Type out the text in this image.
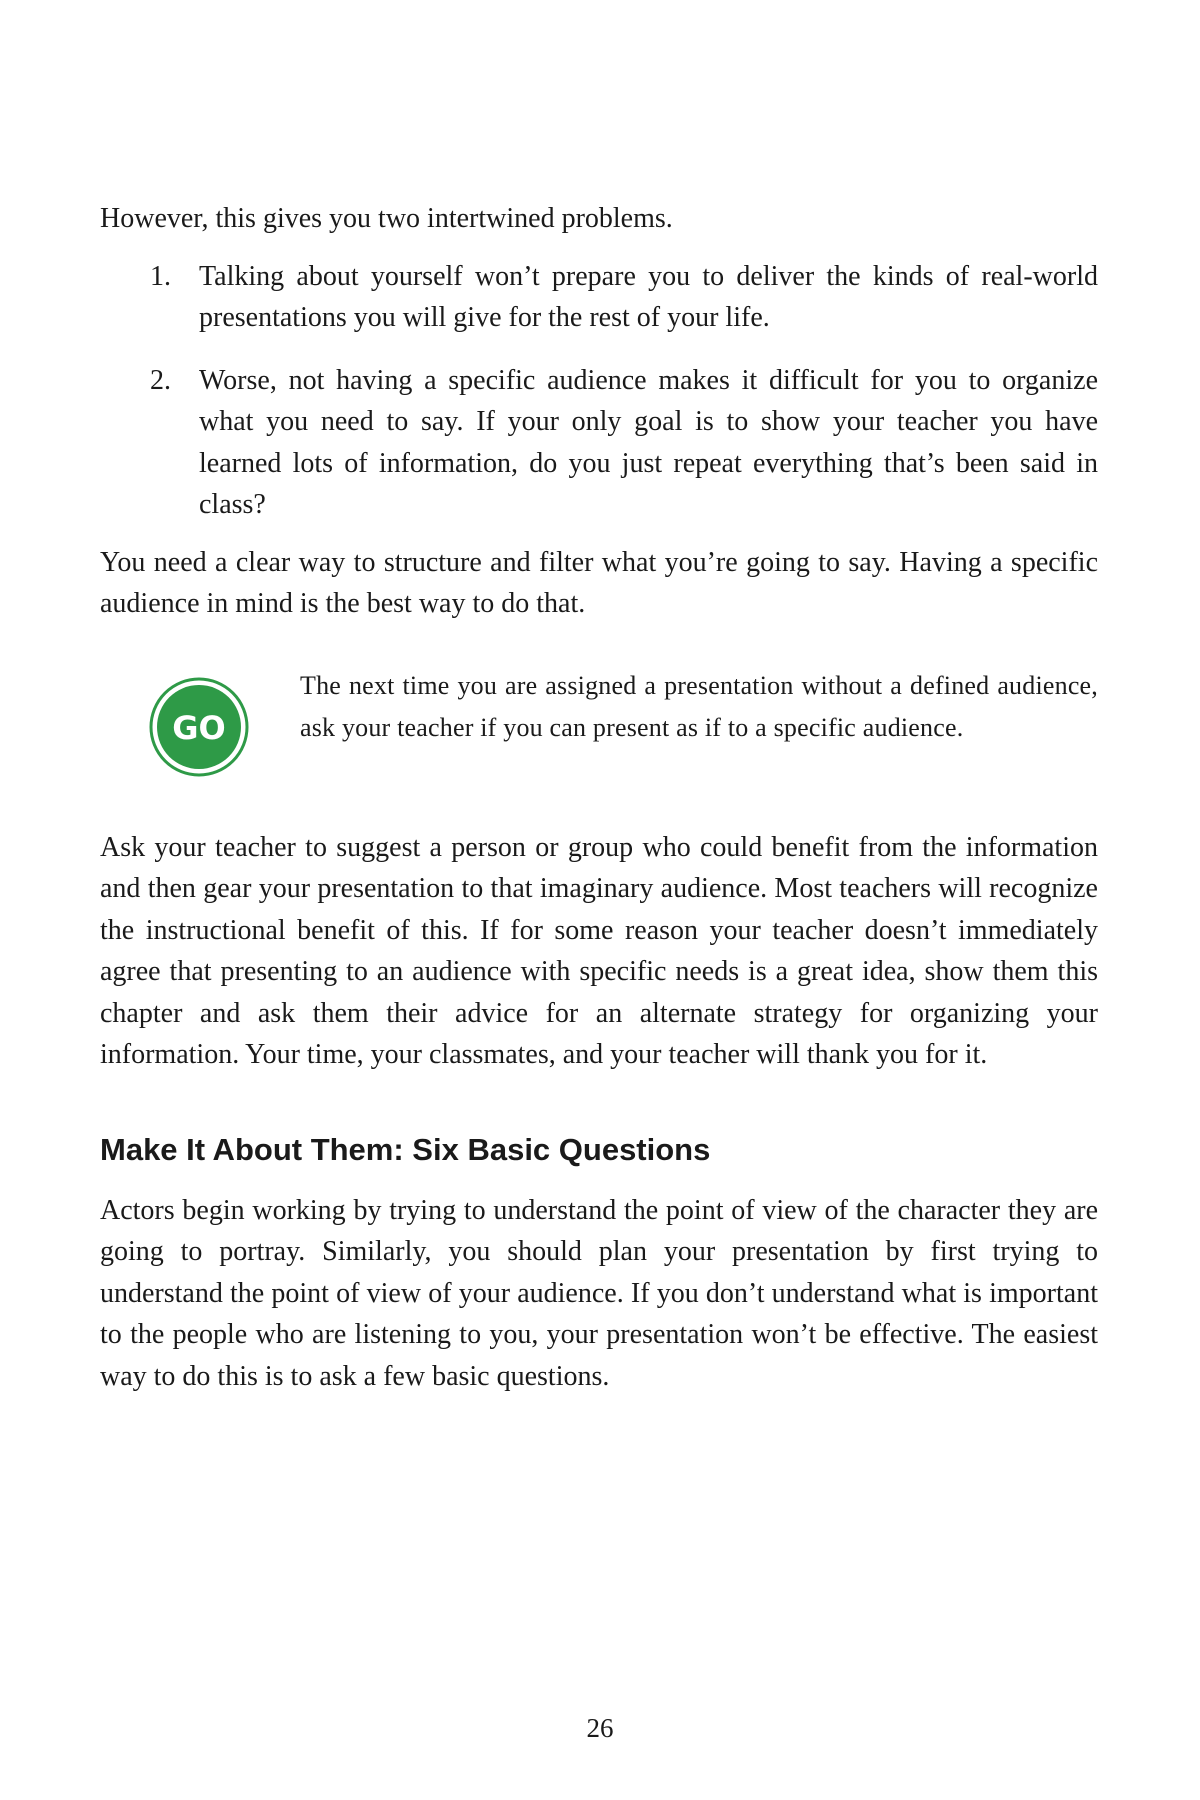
However, this gives you two intertwined problems.

1. Talking about yourself won’t prepare you to deliver the kinds of real-world presentations you will give for the rest of your life.

2. Worse, not having a specific audience makes it difficult for you to organize what you need to say. If your only goal is to show your teacher you have learned lots of information, do you just repeat everything that’s been said in class?

You need a clear way to structure and filter what you’re going to say. Having a specific audience in mind is the best way to do that.

GO

The next time you are assigned a presentation without a defined audience, ask your teacher if you can present as if to a specific audience.

Ask your teacher to suggest a person or group who could benefit from the information and then gear your presentation to that imaginary audience. Most teachers will recognize the instructional benefit of this. If for some reason your teacher doesn’t immediately agree that presenting to an audience with specific needs is a great idea, show them this chapter and ask them their advice for an alternate strategy for organizing your information. Your time, your classmates, and your teacher will thank you for it.

Make It About Them: Six Basic Questions

Actors begin working by trying to understand the point of view of the character they are going to portray. Similarly, you should plan your presentation by first trying to understand the point of view of your audience. If you don’t understand what is important to the people who are listening to you, your presentation won’t be effective. The easiest way to do this is to ask a few basic questions.

26
